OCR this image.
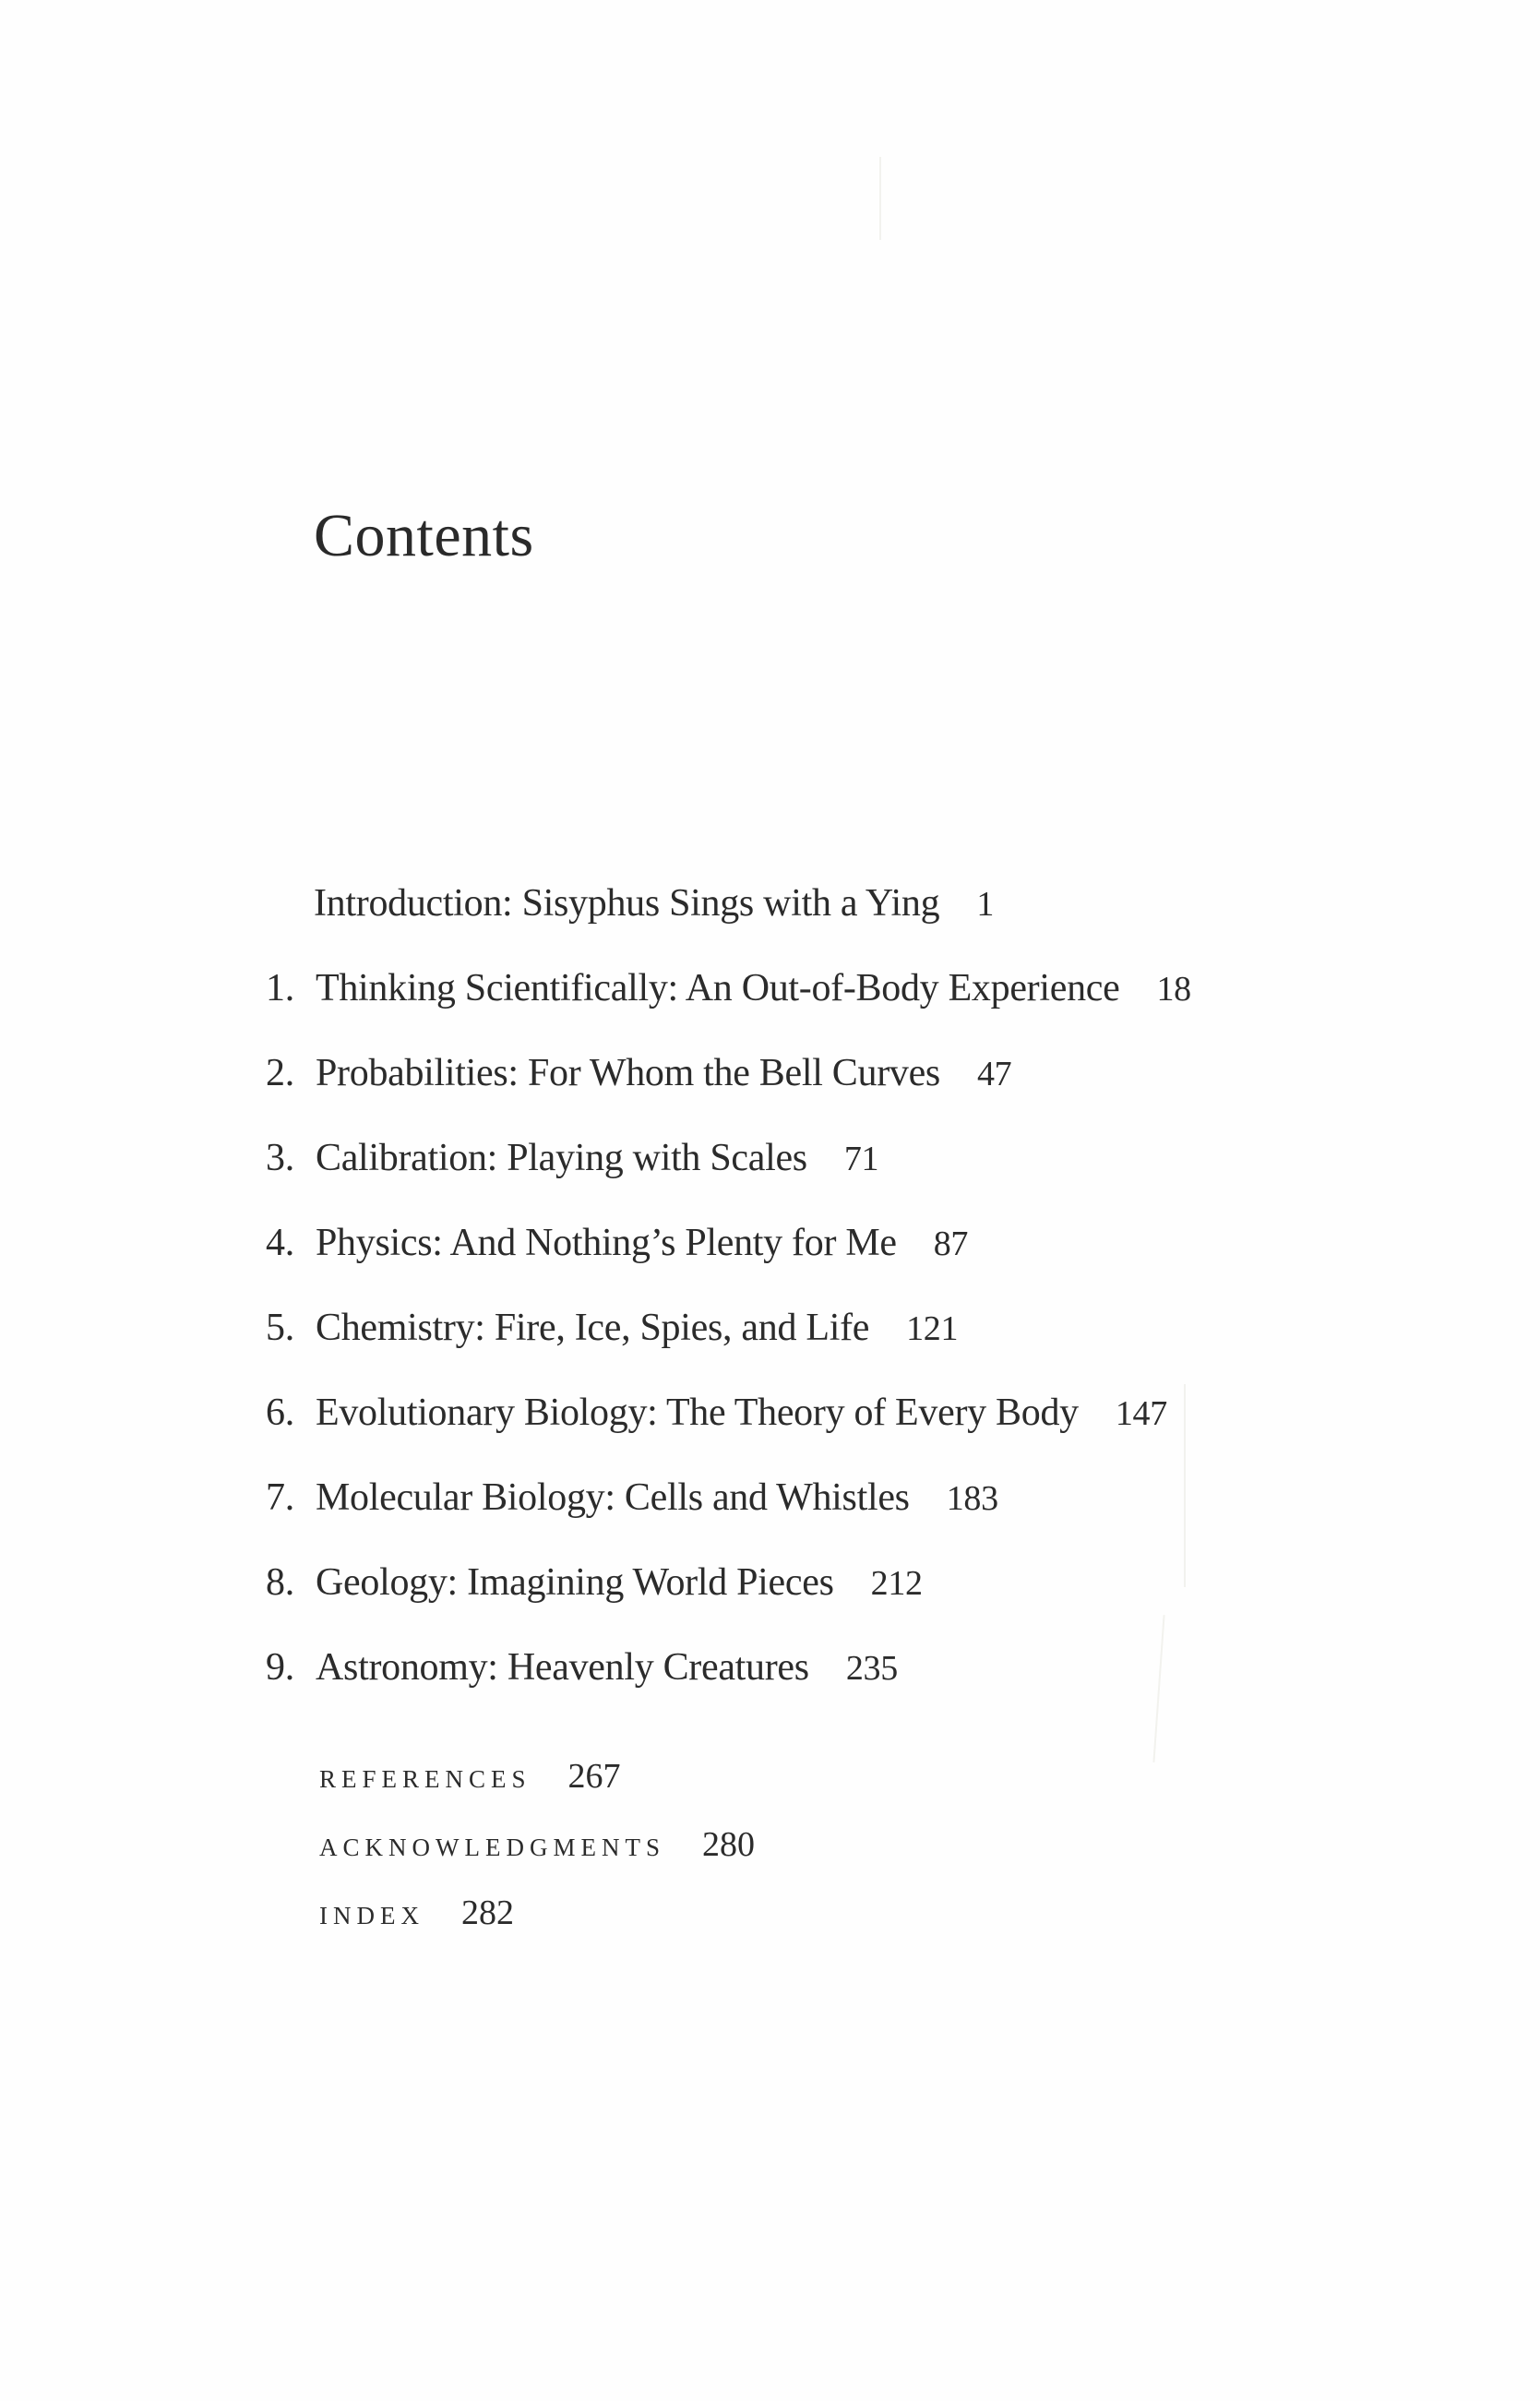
Contents
Introduction: Sisyphus Sings with a Ying 1
1. Thinking Scientifically: An Out-of-Body Experience 18
2. Probabilities: For Whom the Bell Curves 47
3. Calibration: Playing with Scales 71
4. Physics: And Nothing’s Plenty for Me 87
5. Chemistry: Fire, Ice, Spies, and Life 121
6. Evolutionary Biology: The Theory of Every Body 147
7. Molecular Biology: Cells and Whistles 183
8. Geology: Imagining World Pieces 212
9. Astronomy: Heavenly Creatures 235
REFERENCES 267
ACKNOWLEDGMENTS 280
INDEX 282
